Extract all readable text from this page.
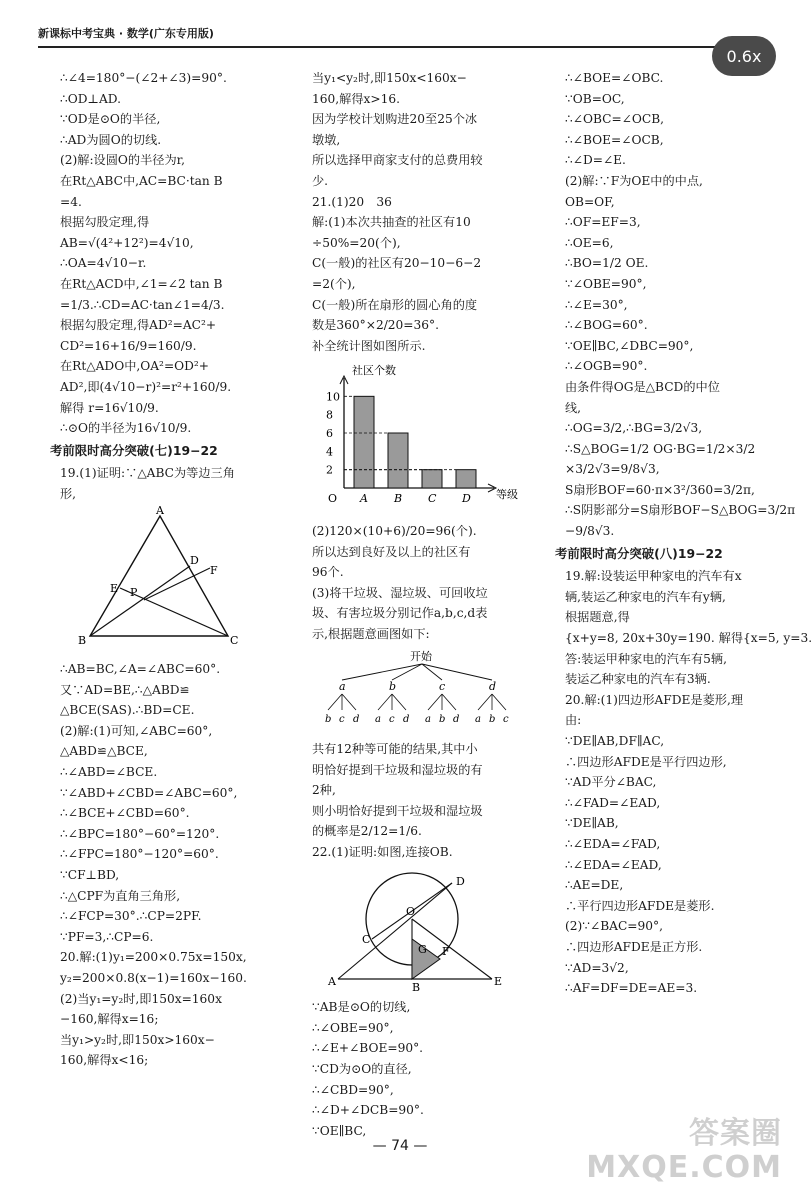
新课标中考宝典 · 数学(广东专用版)
0.6x
∴∠4=180°−(∠2+∠3)=90°.
∴OD⊥AD.
∵OD是⊙O的半径,
∴AD为圆O的切线.
(2)解:设圆O的半径为r,
在Rt△ABC中,AC=BC·tan B
=4.
根据勾股定理,得
AB=√(4²+12²)=4√10,
∴OA=4√10−r.
在Rt△ACD中,∠1=∠2 tan B
=1/3.∴CD=AC·tan∠1=4/3.
根据勾股定理,得AD²=AC²+
CD²=16+16/9=160/9.
在Rt△ADO中,OA²=OD²+
AD²,即(4√10−r)²=r²+160/9.
解得 r=16√10/9.
∴⊙O的半径为16√10/9.
考前限时高分突破(七)19−22
19.(1)证明:∵△ABC为等边三角
形,
A
B	C
D
E P
F
∴AB=BC,∠A=∠ABC=60°.
又∵AD=BE,∴△ABD≌
△BCE(SAS).∴BD=CE.
(2)解:(1)可知,∠ABC=60°,
△ABD≌△BCE,
∴∠ABD=∠BCE.
∵∠ABD+∠CBD=∠ABC=60°,
∴∠BCE+∠CBD=60°.
∴∠BPC=180°−60°=120°.
∴∠FPC=180°−120°=60°.
∵CF⊥BD,
∴△CPF为直角三角形,
∴∠FCP=30°.∴CP=2PF.
∵PF=3,∴CP=6.
20.解:(1)y₁=200×0.75x=150x,
y₂=200×0.8(x−1)=160x−160.
(2)当y₁=y₂时,即150x=160x
−160,解得x=16;
当y₁>y₂时,即150x>160x−
160,解得x<16;
当y₁<y₂时,即150x<160x−
160,解得x>16.
因为学校计划购进20至25个冰
墩墩,
所以选择甲商家支付的总费用较
少.
21.(1)20　36
解:(1)本次共抽查的社区有10
÷50%=20(个),
C(一般)的社区有20−10−6−2
=2(个),
C(一般)所在扇形的圆心角的度
数是360°×2/20=36°.
补全统计图如图所示.
社区个数
等级
O
2
4
6
8
10
A B C D
(2)120×(10+6)/20=96(个).
所以达到良好及以上的社区有
96个.
(3)将干垃圾、湿垃圾、可回收垃
圾、有害垃圾分别记作a,b,c,d表
示,根据题意画图如下:
开始
a
b c d
b
a c d
c
a b d
d
a b c
共有12种等可能的结果,其中小
明恰好提到干垃圾和湿垃圾的有
2种,
则小明恰好提到干垃圾和湿垃圾
的概率是2/12=1/6.
22.(1)证明:如图,连接OB.
A	B
C
D
E
F
G
O
∵AB是⊙O的切线,
∴∠OBE=90°,
∴∠E+∠BOE=90°.
∵CD为⊙O的直径,
∴∠CBD=90°,
∴∠D+∠DCB=90°.
∵OE∥BC,
∴∠BOE=∠OBC.
∵OB=OC,
∴∠OBC=∠OCB,
∴∠BOE=∠OCB,
∴∠D=∠E.
(2)解:∵F为OE中的中点,
OB=OF,
∴OF=EF=3,
∴OE=6,
∴BO=1/2 OE.
∵∠OBE=90°,
∴∠E=30°,
∴∠BOG=60°.
∵OE∥BC,∠DBC=90°,
∴∠OGB=90°.
由条件得OG是△BCD的中位
线,
∴OG=3/2,∴BG=3/2√3,
∴S△BOG=1/2 OG·BG=1/2×3/2
×3/2√3=9/8√3,
S扇形BOF=60·π×3²/360=3/2π,
∴S阴影部分=S扇形BOF−S△BOG=3/2π
−9/8√3.
考前限时高分突破(八)19−22
19.解:设装运甲种家电的汽车有x
辆,装运乙种家电的汽车有y辆,
根据题意,得
{x+y=8, 20x+30y=190. 解得{x=5, y=3.
答:装运甲种家电的汽车有5辆,
装运乙种家电的汽车有3辆.
20.解:(1)四边形AFDE是菱形,理
由:
∵DE∥AB,DF∥AC,
∴四边形AFDE是平行四边形,
∵AD平分∠BAC,
∴∠FAD=∠EAD,
∵DE∥AB,
∴∠EDA=∠FAD,
∴∠EDA=∠EAD,
∴AE=DE,
∴平行四边形AFDE是菱形.
(2)∵∠BAC=90°,
∴四边形AFDE是正方形.
∵AD=3√2,
∴AF=DF=DE=AE=3.
— 74 —	答案圈
MXQE.COM
